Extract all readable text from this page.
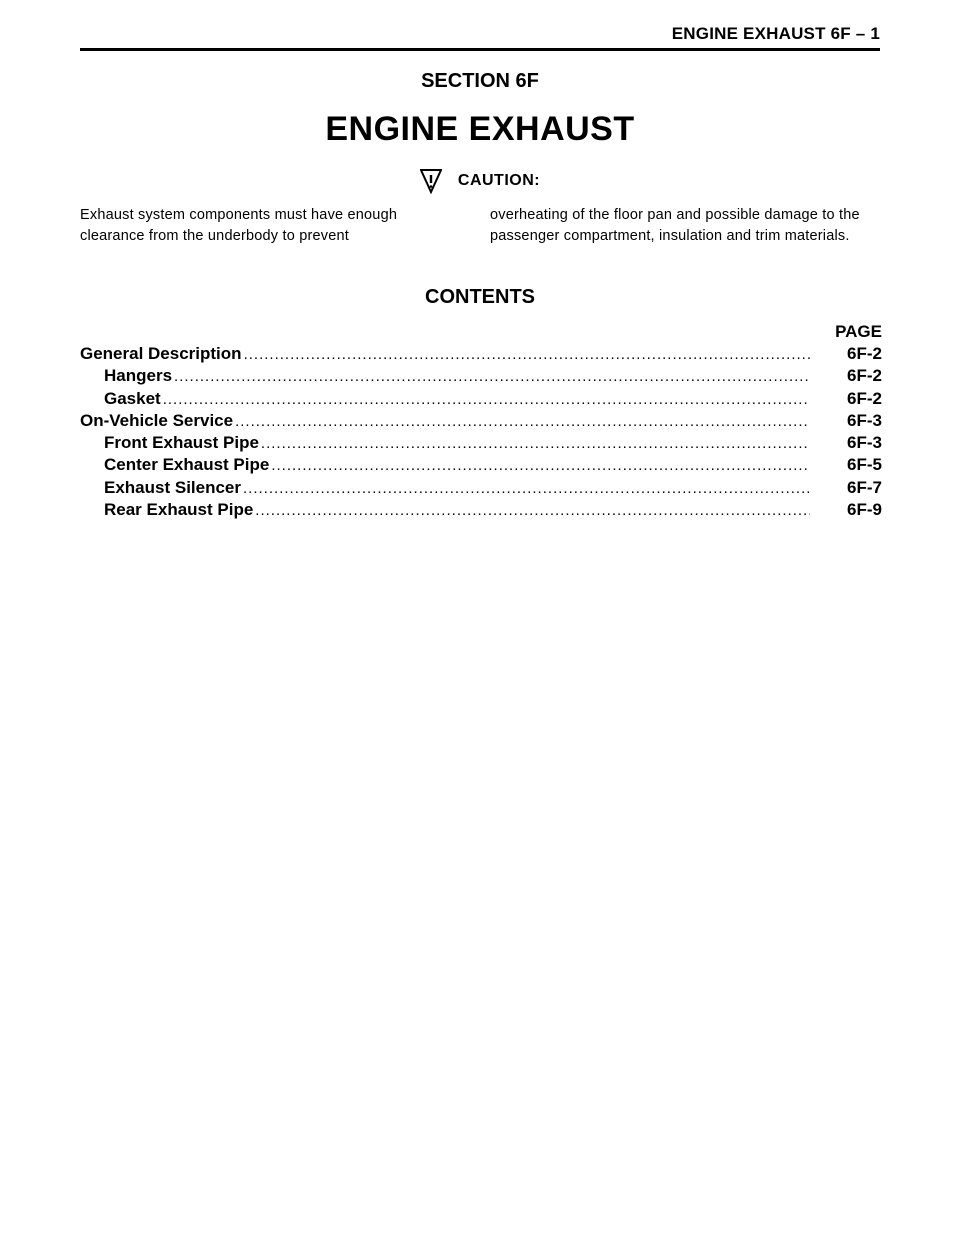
ENGINE EXHAUST 6F – 1
SECTION 6F
ENGINE EXHAUST
CAUTION:
Exhaust system components must have enough clearance from the underbody to prevent
overheating of the floor pan and possible damage to the passenger compartment, insulation and trim materials.
CONTENTS
PAGE
General Description .....	6F-2
Hangers .....	6F-2
Gasket .....	6F-2
On-Vehicle Service .....	6F-3
Front Exhaust Pipe .....	6F-3
Center Exhaust Pipe .....	6F-5
Exhaust Silencer .....	6F-7
Rear Exhaust Pipe .....	6F-9
